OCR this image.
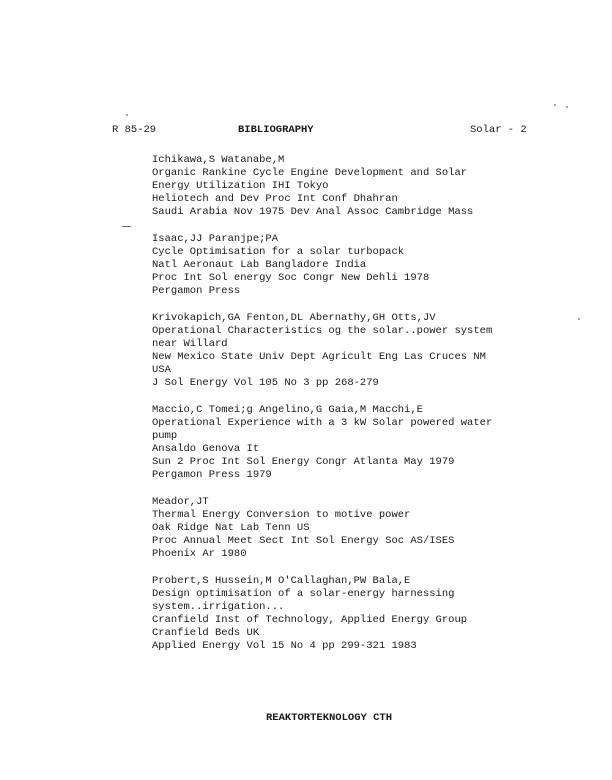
R 85-29	BIBLIOGRAPHY	Solar - 2
Ichikawa,S Watanabe,M
Organic Rankine Cycle Engine Development and Solar
Energy Utilization IHI Tokyo
Heliotech and Dev Proc Int Conf Dhahran
Saudi Arabia Nov 1975 Dev Anal Assoc Cambridge Mass
Isaac,JJ Paranjpe;PA
Cycle Optimisation for a solar turbopack
Natl Aeronaut Lab Bangladore India
Proc Int Sol energy Soc Congr New Dehli 1978
Pergamon Press
Krivokapich,GA Fenton,DL Abernathy,GH Otts,JV
Operational Characteristics og the solar..power system
near Willard
New Mexico State Univ Dept Agricult Eng Las Cruces NM
USA
J Sol Energy Vol 105 No 3 pp 268-279
Maccio,C Tomei;g Angelino,G Gaia,M Macchi,E
Operational Experience with a 3 kW Solar powered water
pump
Ansaldo Genova It
Sun 2 Proc Int Sol Energy Congr Atlanta May 1979
Pergamon Press 1979
Meador,JT
Thermal Energy Conversion to motive power
Oak Ridge Nat Lab Tenn US
Proc Annual Meet Sect Int Sol Energy Soc AS/ISES
Phoenix Ar 1980
Probert,S Hussein,M O'Callaghan,PW Bala,E
Design optimisation of a solar-energy harnessing
system..irrigation...
Cranfield Inst of Technology, Applied Energy Group
Cranfield Beds UK
Applied Energy Vol 15 No 4 pp 299-321 1983
REAKTORTEKNOLOGY CTH
